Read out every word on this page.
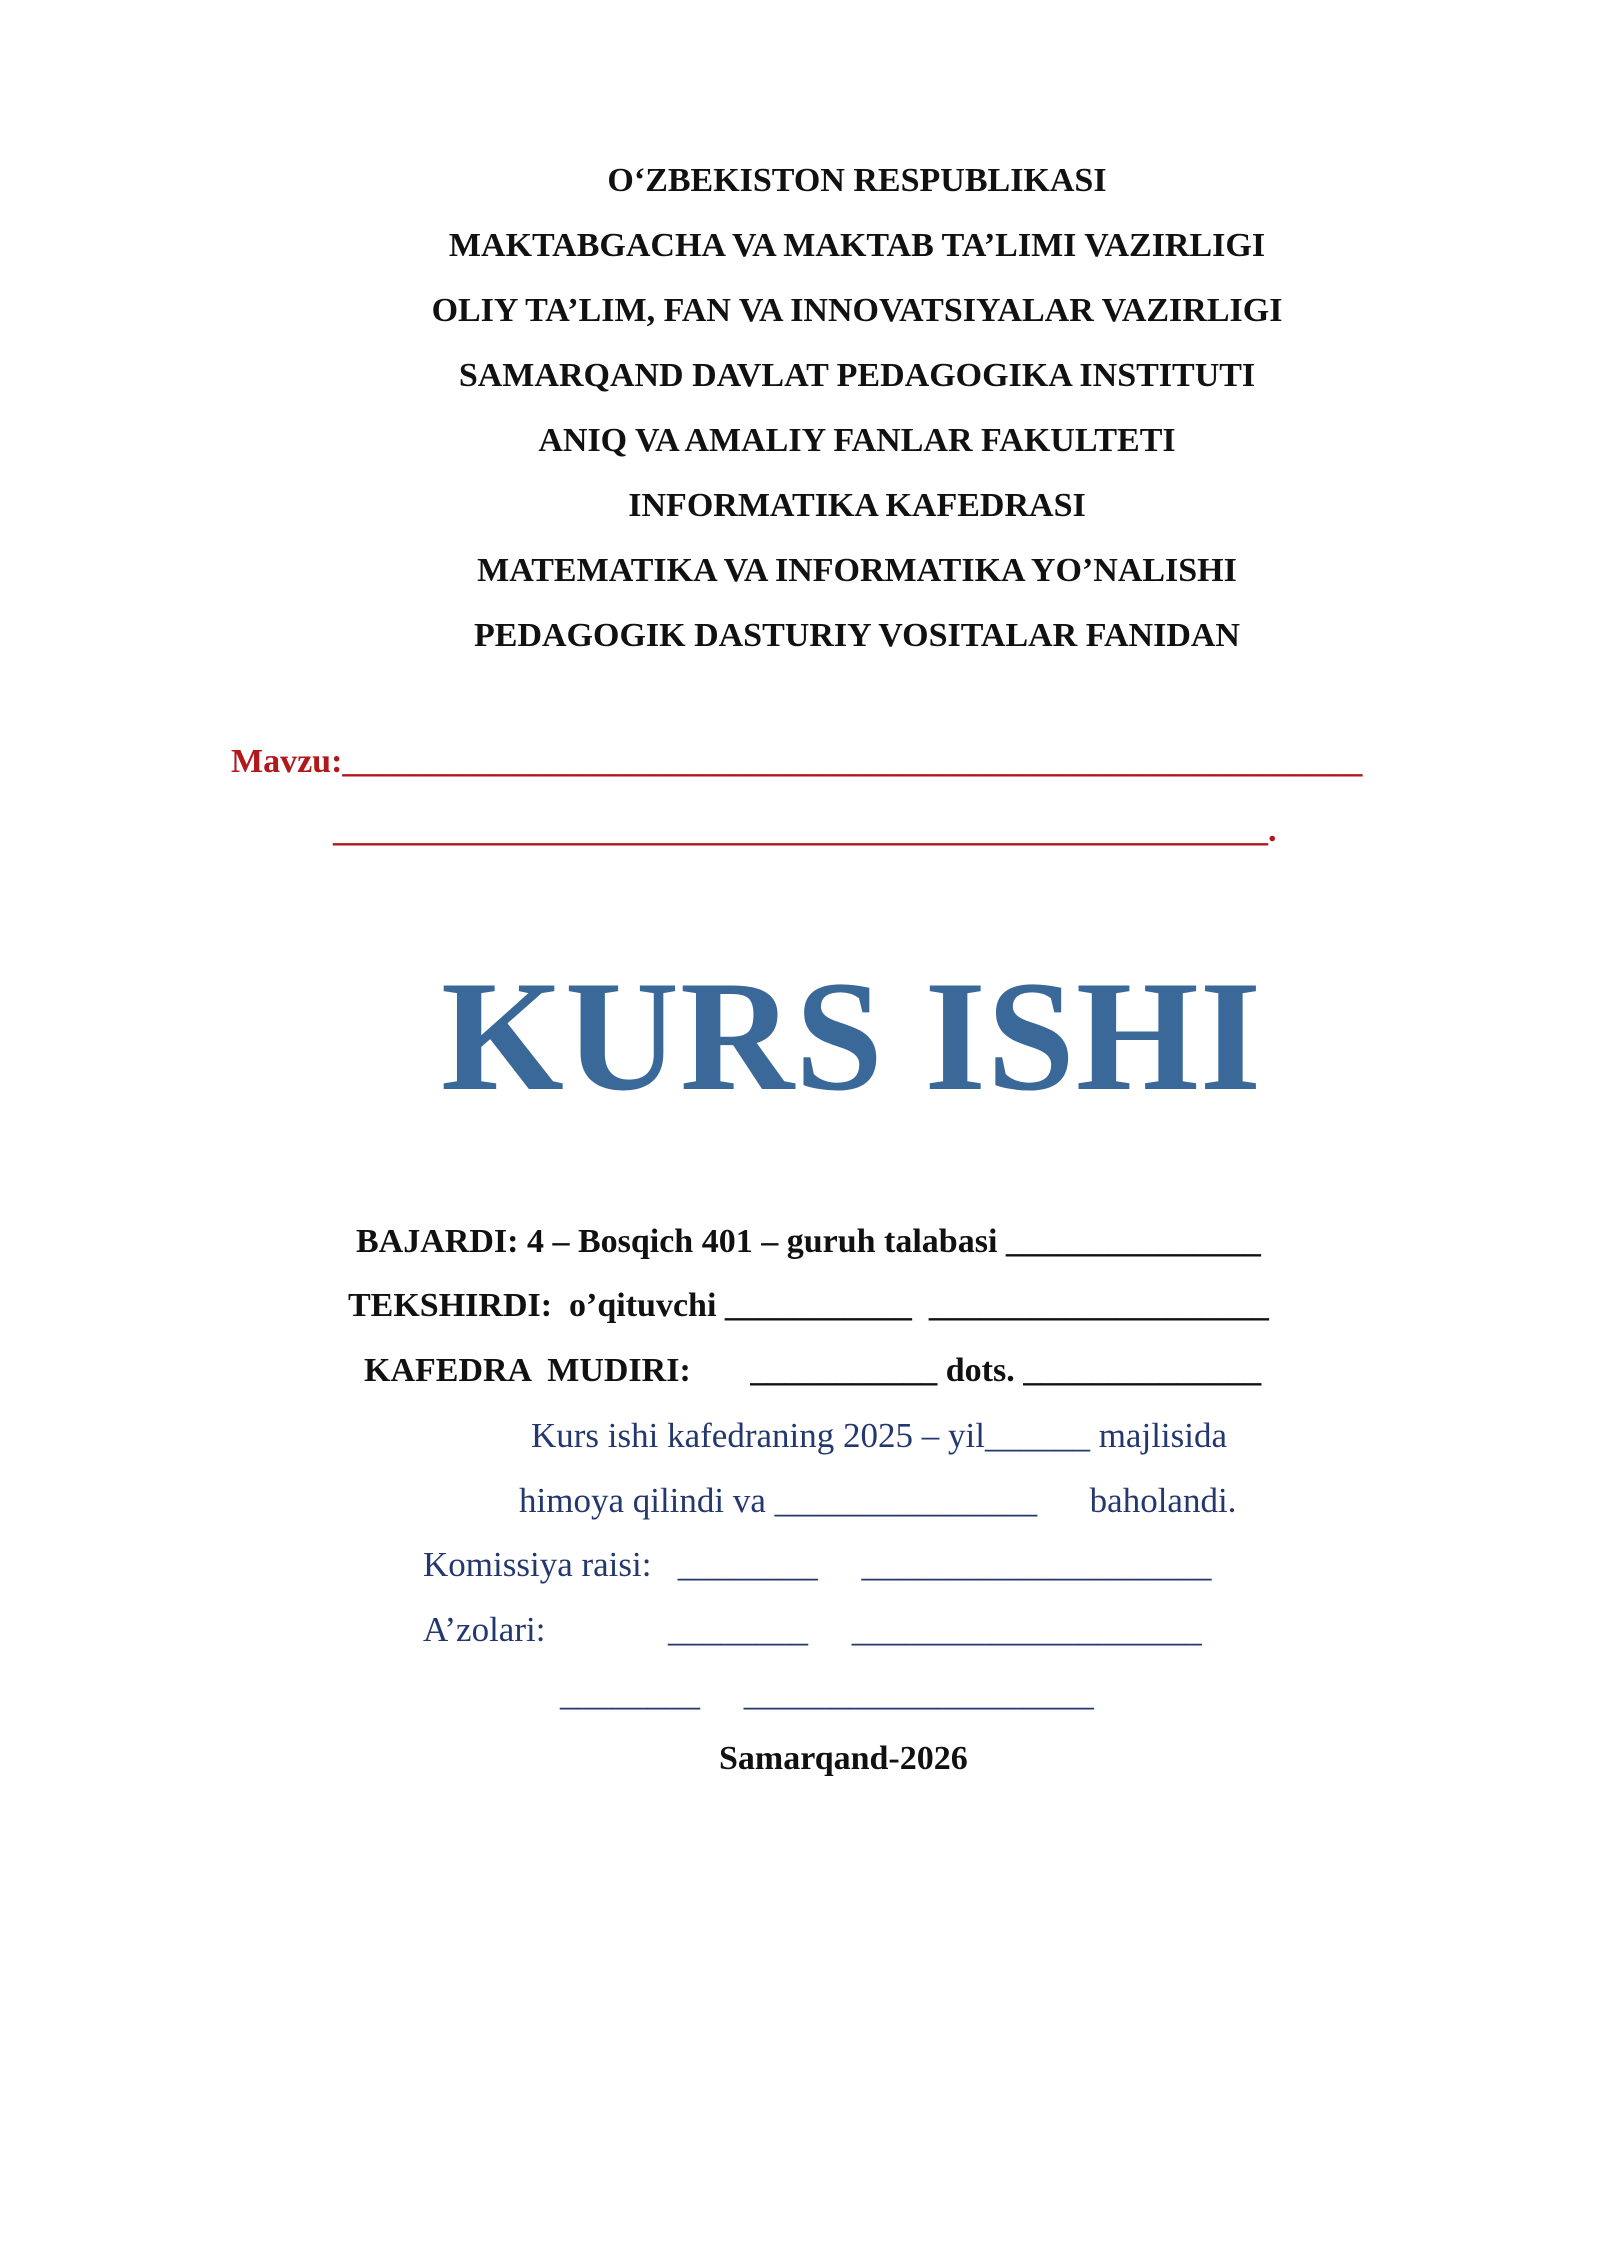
O‘ZBEKISTON RESPUBLIKASI
MAKTABGACHA VA MAKTAB TA’LIMI VAZIRLIGI
OLIY TA’LIM, FAN VA INNOVATSIYALAR VAZIRLIGI
SAMARQAND DAVLAT PEDAGOGIKA INSTITUTI
ANIQ VA AMALIY FANLAR FAKULTETI
INFORMATIKA KAFEDRASI
MATEMATIKA VA INFORMATIKA YO’NALISHI
PEDAGOGIK DASTURIY VOSITALAR FANIDAN
Mavzu:____________________________________________________________
_______________________________________________________.
KURS ISHI
BAJARDI: 4 – Bosqich 401 – guruh talabasi _______________
TEKSHIRDI:  o’qituvchi ___________  ____________________
KAFEDRA  MUDIRI:       ___________ dots. ______________
Kurs ishi kafedraning 2025 – yil______ majlisida
himoya qilindi va _______________      baholandi.
Komissiya raisi:   ________     ____________________
A’zolari:              ________     ____________________
________     ____________________
Samarqand-2026
